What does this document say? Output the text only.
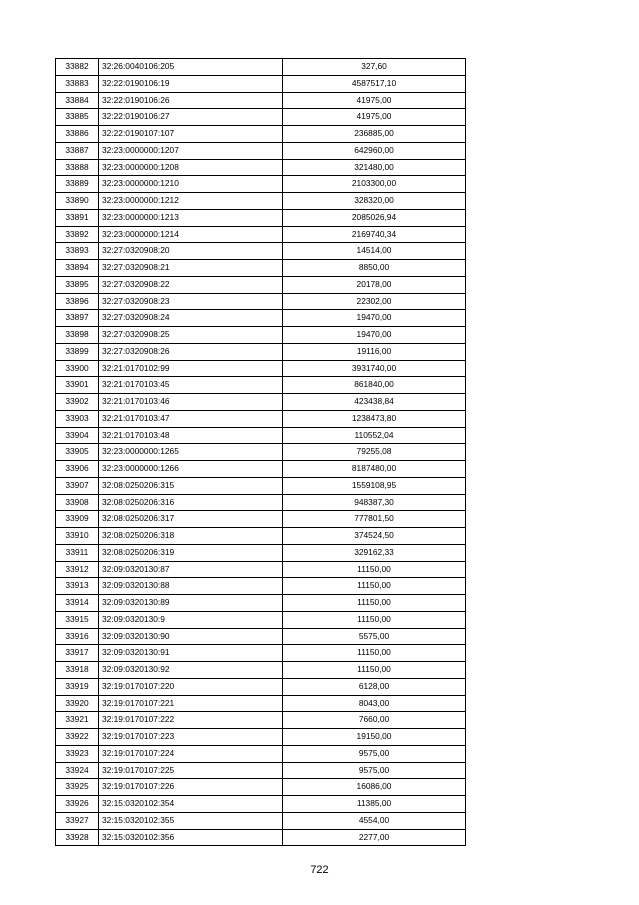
33882	32:26:0040106:205	327,60
33883	32:22:0190106:19	4587517,10
33884	32:22:0190106:26	41975,00
33885	32:22:0190106:27	41975,00
33886	32:22:0190107:107	236885,00
33887	32:23:0000000:1207	642960,00
33888	32:23:0000000:1208	321480,00
33889	32:23:0000000:1210	2103300,00
33890	32:23:0000000:1212	328320,00
33891	32:23:0000000:1213	2085026,94
33892	32:23:0000000:1214	2169740,34
33893	32:27:0320908:20	14514,00
33894	32:27:0320908:21	8850,00
33895	32:27:0320908:22	20178,00
33896	32:27:0320908:23	22302,00
33897	32:27:0320908:24	19470,00
33898	32:27:0320908:25	19470,00
33899	32:27:0320908:26	19116,00
33900	32:21:0170102:99	3931740,00
33901	32:21:0170103:45	861840,00
33902	32:21:0170103:46	423438,84
33903	32:21:0170103:47	1238473,80
33904	32:21:0170103:48	110552,04
33905	32:23:0000000:1265	79255,08
33906	32:23:0000000:1266	8187480,00
33907	32:08:0250206:315	1559108,95
33908	32:08:0250206:316	948387,30
33909	32:08:0250206:317	777801,50
33910	32:08:0250206:318	374524,50
33911	32:08:0250206:319	329162,33
33912	32:09:0320130:87	11150,00
33913	32:09:0320130:88	11150,00
33914	32:09:0320130:89	11150,00
33915	32:09:0320130:9	11150,00
33916	32:09:0320130:90	5575,00
33917	32:09:0320130:91	11150,00
33918	32:09:0320130:92	11150,00
33919	32:19:0170107:220	6128,00
33920	32:19:0170107:221	8043,00
33921	32:19:0170107:222	7660,00
33922	32:19:0170107:223	19150,00
33923	32:19:0170107:224	9575,00
33924	32:19:0170107:225	9575,00
33925	32:19:0170107:226	16086,00
33926	32:15:0320102:354	11385,00
33927	32:15:0320102:355	4554,00
33928	32:15:0320102:356	2277,00
722
